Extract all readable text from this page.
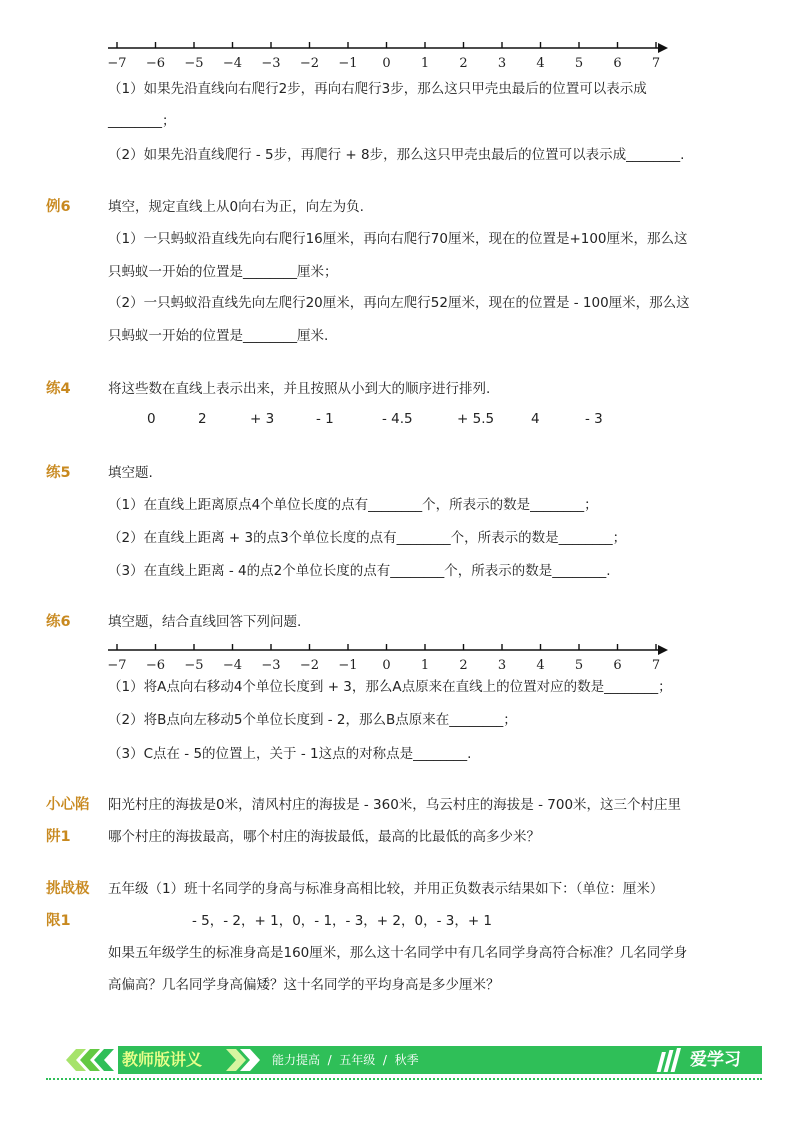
−7 −6 −5 −4 −3 −2 −1 0 1 2 3 4 5 6 7
（1）如果先沿直线向右爬行2步，再向右爬行3步，那么这只甲壳虫最后的位置可以表示成
________；
（2）如果先沿直线爬行 - 5步，再爬行 + 8步，那么这只甲壳虫最后的位置可以表示成________.
例6	填空，规定直线上从0向右为正，向左为负.
（1）一只蚂蚁沿直线先向右爬行16厘米，再向右爬行70厘米，现在的位置是+100厘米，那么这
只蚂蚁一开始的位置是________厘米；
（2）一只蚂蚁沿直线先向左爬行20厘米，再向左爬行52厘米，现在的位置是 - 100厘米，那么这
只蚂蚁一开始的位置是________厘米.
练4	将这些数在直线上表示出来，并且按照从小到大的顺序进行排列.
0	2	+ 3	- 1	- 4.5	+ 5.5	4	- 3
练5	填空题.
（1）在直线上距离原点4个单位长度的点有________个，所表示的数是________；
（2）在直线上距离 + 3的点3个单位长度的点有________个，所表示的数是________；
（3）在直线上距离 - 4的点2个单位长度的点有________个，所表示的数是________.
练6	填空题，结合直线回答下列问题.
−7 −6 −5 −4 −3 −2 −1 0 1 2 3 4 5 6 7
（1）将A点向右移动4个单位长度到 + 3，那么A点原来在直线上的位置对应的数是________；
（2）将B点向左移动5个单位长度到 - 2，那么B点原来在________；
（3）C点在 - 5的位置上，关于 - 1这点的对称点是________.
小心陷
阱1
阳光村庄的海拔是0米，清风村庄的海拔是 - 360米，乌云村庄的海拔是 - 700米，这三个村庄里
哪个村庄的海拔最高，哪个村庄的海拔最低，最高的比最低的高多少米？
挑战极
限1
五年级（1）班十名同学的身高与标准身高相比较，并用正负数表示结果如下：（单位：厘米）
- 5，- 2，+ 1，0，- 1，- 3，+ 2，0，- 3，+ 1
如果五年级学生的标准身高是160厘米，那么这十名同学中有几名同学身高符合标准？几名同学身
高偏高？几名同学身高偏矮？这十名同学的平均身高是多少厘米？
教师版讲义	能力提高  /  五年级  /  秋季	爱学习
